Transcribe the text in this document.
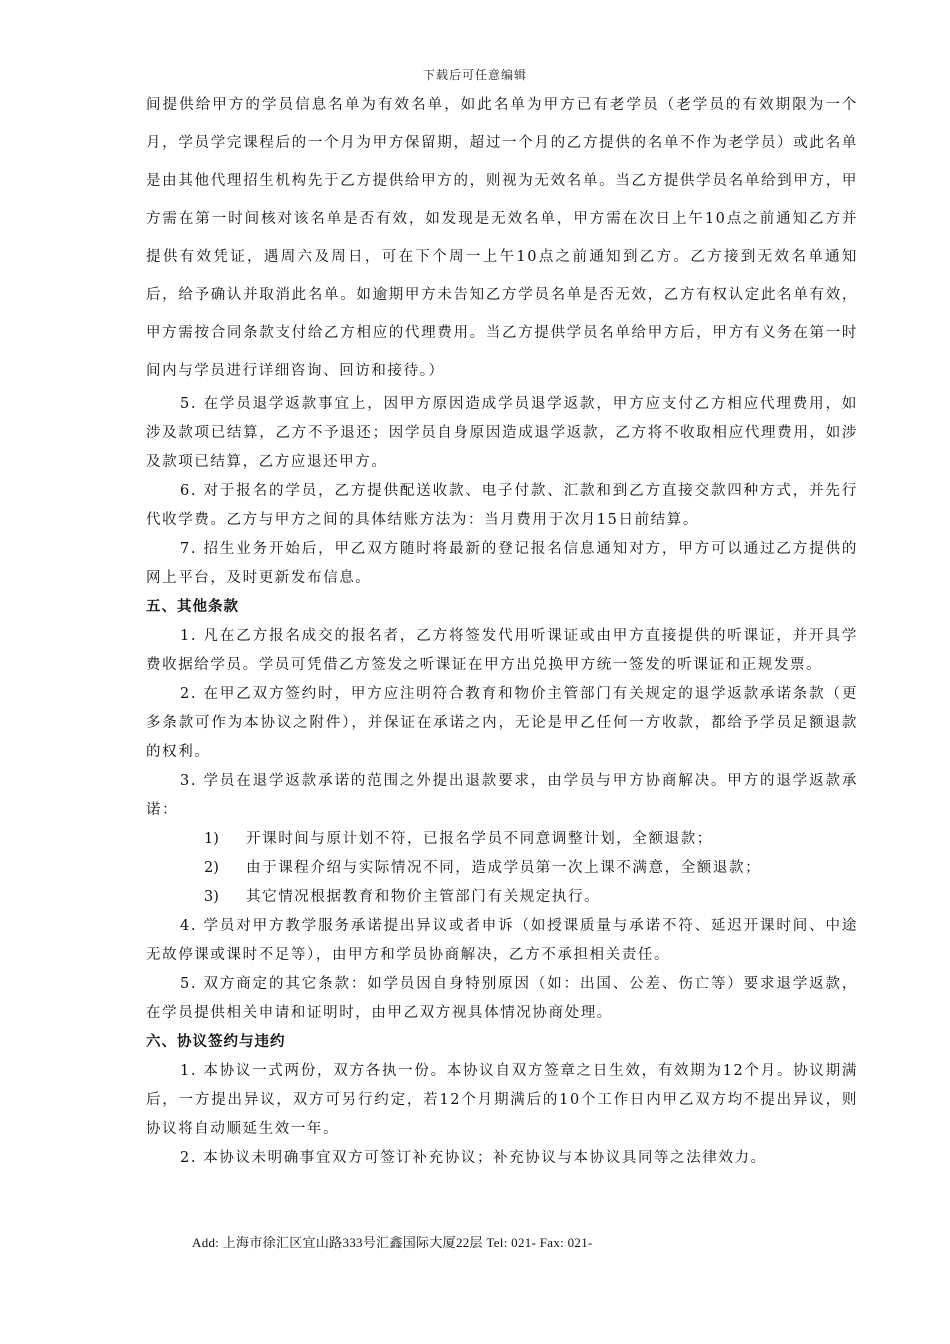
下载后可任意编辑

间提供给甲方的学员信息名单为有效名单，如此名单为甲方已有老学员（老学员的有效期限为一个月，学员学完课程后的一个月为甲方保留期，超过一个月的乙方提供的名单不作为老学员）或此名单是由其他代理招生机构先于乙方提供给甲方的，则视为无效名单。当乙方提供学员名单给到甲方，甲方需在第一时间核对该名单是否有效，如发现是无效名单，甲方需在次日上午10点之前通知乙方并提供有效凭证，遇周六及周日，可在下个周一上午10点之前通知到乙方。乙方接到无效名单通知后，给予确认并取消此名单。如逾期甲方未告知乙方学员名单是否无效，乙方有权认定此名单有效，甲方需按合同条款支付给乙方相应的代理费用。当乙方提供学员名单给甲方后，甲方有义务在第一时间内与学员进行详细咨询、回访和接待。）

5. 在学员退学返款事宜上，因甲方原因造成学员退学返款，甲方应支付乙方相应代理费用，如涉及款项已结算，乙方不予退还；因学员自身原因造成退学返款，乙方将不收取相应代理费用，如涉及款项已结算，乙方应退还甲方。

6. 对于报名的学员，乙方提供配送收款、电子付款、汇款和到乙方直接交款四种方式，并先行代收学费。乙方与甲方之间的具体结账方法为：当月费用于次月15日前结算。

7. 招生业务开始后，甲乙双方随时将最新的登记报名信息通知对方，甲方可以通过乙方提供的网上平台，及时更新发布信息。

五、其他条款

1. 凡在乙方报名成交的报名者，乙方将签发代用听课证或由甲方直接提供的听课证，并开具学费收据给学员。学员可凭借乙方签发之听课证在甲方出兑换甲方统一签发的听课证和正规发票。

2. 在甲乙双方签约时，甲方应注明符合教育和物价主管部门有关规定的退学返款承诺条款（更多条款可作为本协议之附件），并保证在承诺之内，无论是甲乙任何一方收款，都给予学员足额退款的权利。

3. 学员在退学返款承诺的范围之外提出退款要求，由学员与甲方协商解决。甲方的退学返款承诺：

1) 开课时间与原计划不符，已报名学员不同意调整计划，全额退款；

2) 由于课程介绍与实际情况不同，造成学员第一次上课不满意，全额退款；

3) 其它情况根据教育和物价主管部门有关规定执行。

4. 学员对甲方教学服务承诺提出异议或者申诉（如授课质量与承诺不符、延迟开课时间、中途无故停课或课时不足等），由甲方和学员协商解决，乙方不承担相关责任。

5. 双方商定的其它条款：如学员因自身特别原因（如：出国、公差、伤亡等）要求退学返款，在学员提供相关申请和证明时，由甲乙双方视具体情况协商处理。

六、协议签约与违约

1. 本协议一式两份，双方各执一份。本协议自双方签章之日生效，有效期为12个月。协议期满后，一方提出异议，双方可另行约定，若12个月期满后的10个工作日内甲乙双方均不提出异议，则协议将自动顺延生效一年。

2. 本协议未明确事宜双方可签订补充协议；补充协议与本协议具同等之法律效力。

Add: 上海市徐汇区宜山路333号汇鑫国际大厦22层 Tel: 021- Fax: 021-
